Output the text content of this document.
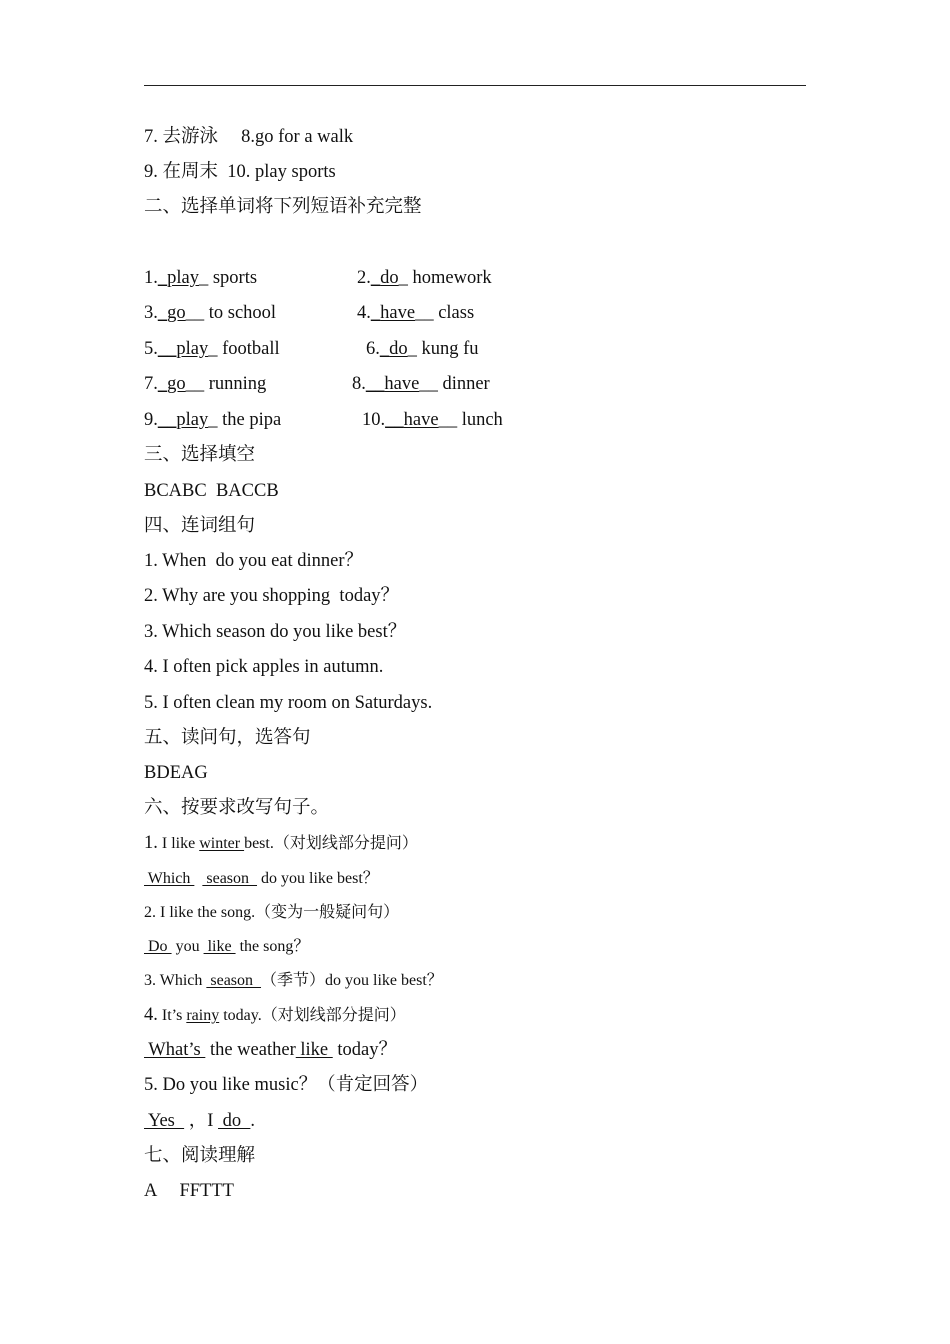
7. 去游泳 8.go for a walk
9. 在周末 10. play sports
二、选择单词将下列短语补充完整
1._play_ sports	2._do_ homework
3._go__ to school	4._have__ class
5.__play_ football	6._do_ kung fu
7._go__ running	8.__have__ dinner
9.__play_ the pipa	10.__have__ lunch
三、选择填空
BCABC  BACCB
四、连词组句
1. When  do you eat dinner？
2. Why are you shopping  today？
3. Which season do you like best？
4. I often pick apples in autumn.
5. I often clean my room on Saturdays.
五、读问句，选答句
BDEAG
六、按要求改写句子。
1. I like winter best.（对划线部分提问）
Which    season   do you like best？
2. I like the song.（变为一般疑问句）
Do  you  like  the song？
3. Which  season  （季节）do you like best？
4. It’s rainy today.（对划线部分提问）
What’s  the weather like  today？
5. Do you like music？（肯定回答）
Yes   ，I  do  .
七、阅读理解
A FFTTT
